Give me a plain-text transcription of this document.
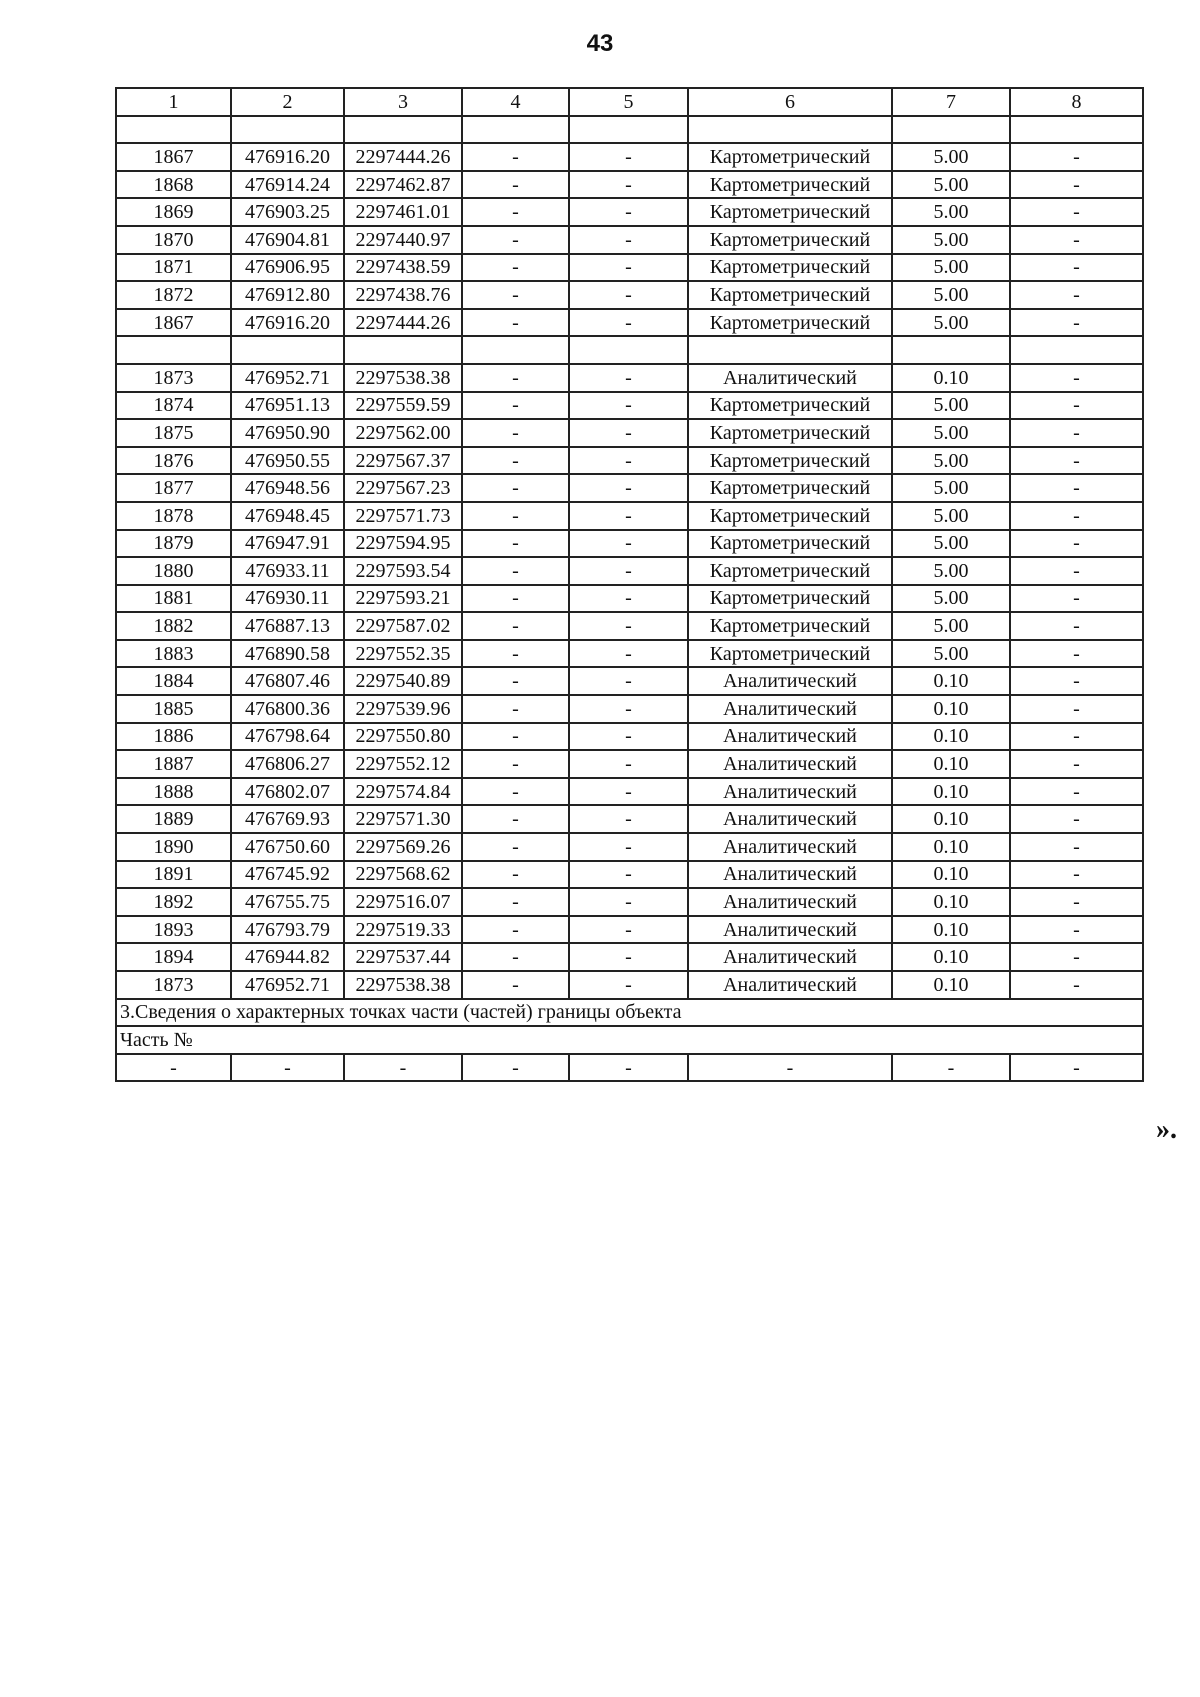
43
1	2	3	4	5	6	7	8

1867	476916.20	2297444.26	-	-	Картометрический	5.00	-
1868	476914.24	2297462.87	-	-	Картометрический	5.00	-
1869	476903.25	2297461.01	-	-	Картометрический	5.00	-
1870	476904.81	2297440.97	-	-	Картометрический	5.00	-
1871	476906.95	2297438.59	-	-	Картометрический	5.00	-
1872	476912.80	2297438.76	-	-	Картометрический	5.00	-
1867	476916.20	2297444.26	-	-	Картометрический	5.00	-

1873	476952.71	2297538.38	-	-	Аналитический	0.10	-
1874	476951.13	2297559.59	-	-	Картометрический	5.00	-
1875	476950.90	2297562.00	-	-	Картометрический	5.00	-
1876	476950.55	2297567.37	-	-	Картометрический	5.00	-
1877	476948.56	2297567.23	-	-	Картометрический	5.00	-
1878	476948.45	2297571.73	-	-	Картометрический	5.00	-
1879	476947.91	2297594.95	-	-	Картометрический	5.00	-
1880	476933.11	2297593.54	-	-	Картометрический	5.00	-
1881	476930.11	2297593.21	-	-	Картометрический	5.00	-
1882	476887.13	2297587.02	-	-	Картометрический	5.00	-
1883	476890.58	2297552.35	-	-	Картометрический	5.00	-
1884	476807.46	2297540.89	-	-	Аналитический	0.10	-
1885	476800.36	2297539.96	-	-	Аналитический	0.10	-
1886	476798.64	2297550.80	-	-	Аналитический	0.10	-
1887	476806.27	2297552.12	-	-	Аналитический	0.10	-
1888	476802.07	2297574.84	-	-	Аналитический	0.10	-
1889	476769.93	2297571.30	-	-	Аналитический	0.10	-
1890	476750.60	2297569.26	-	-	Аналитический	0.10	-
1891	476745.92	2297568.62	-	-	Аналитический	0.10	-
1892	476755.75	2297516.07	-	-	Аналитический	0.10	-
1893	476793.79	2297519.33	-	-	Аналитический	0.10	-
1894	476944.82	2297537.44	-	-	Аналитический	0.10	-
1873	476952.71	2297538.38	-	-	Аналитический	0.10	-
3.Сведения о характерных точках части (частей) границы объекта							
Часть №							
-	-	-	-	-	-	-	-
».
